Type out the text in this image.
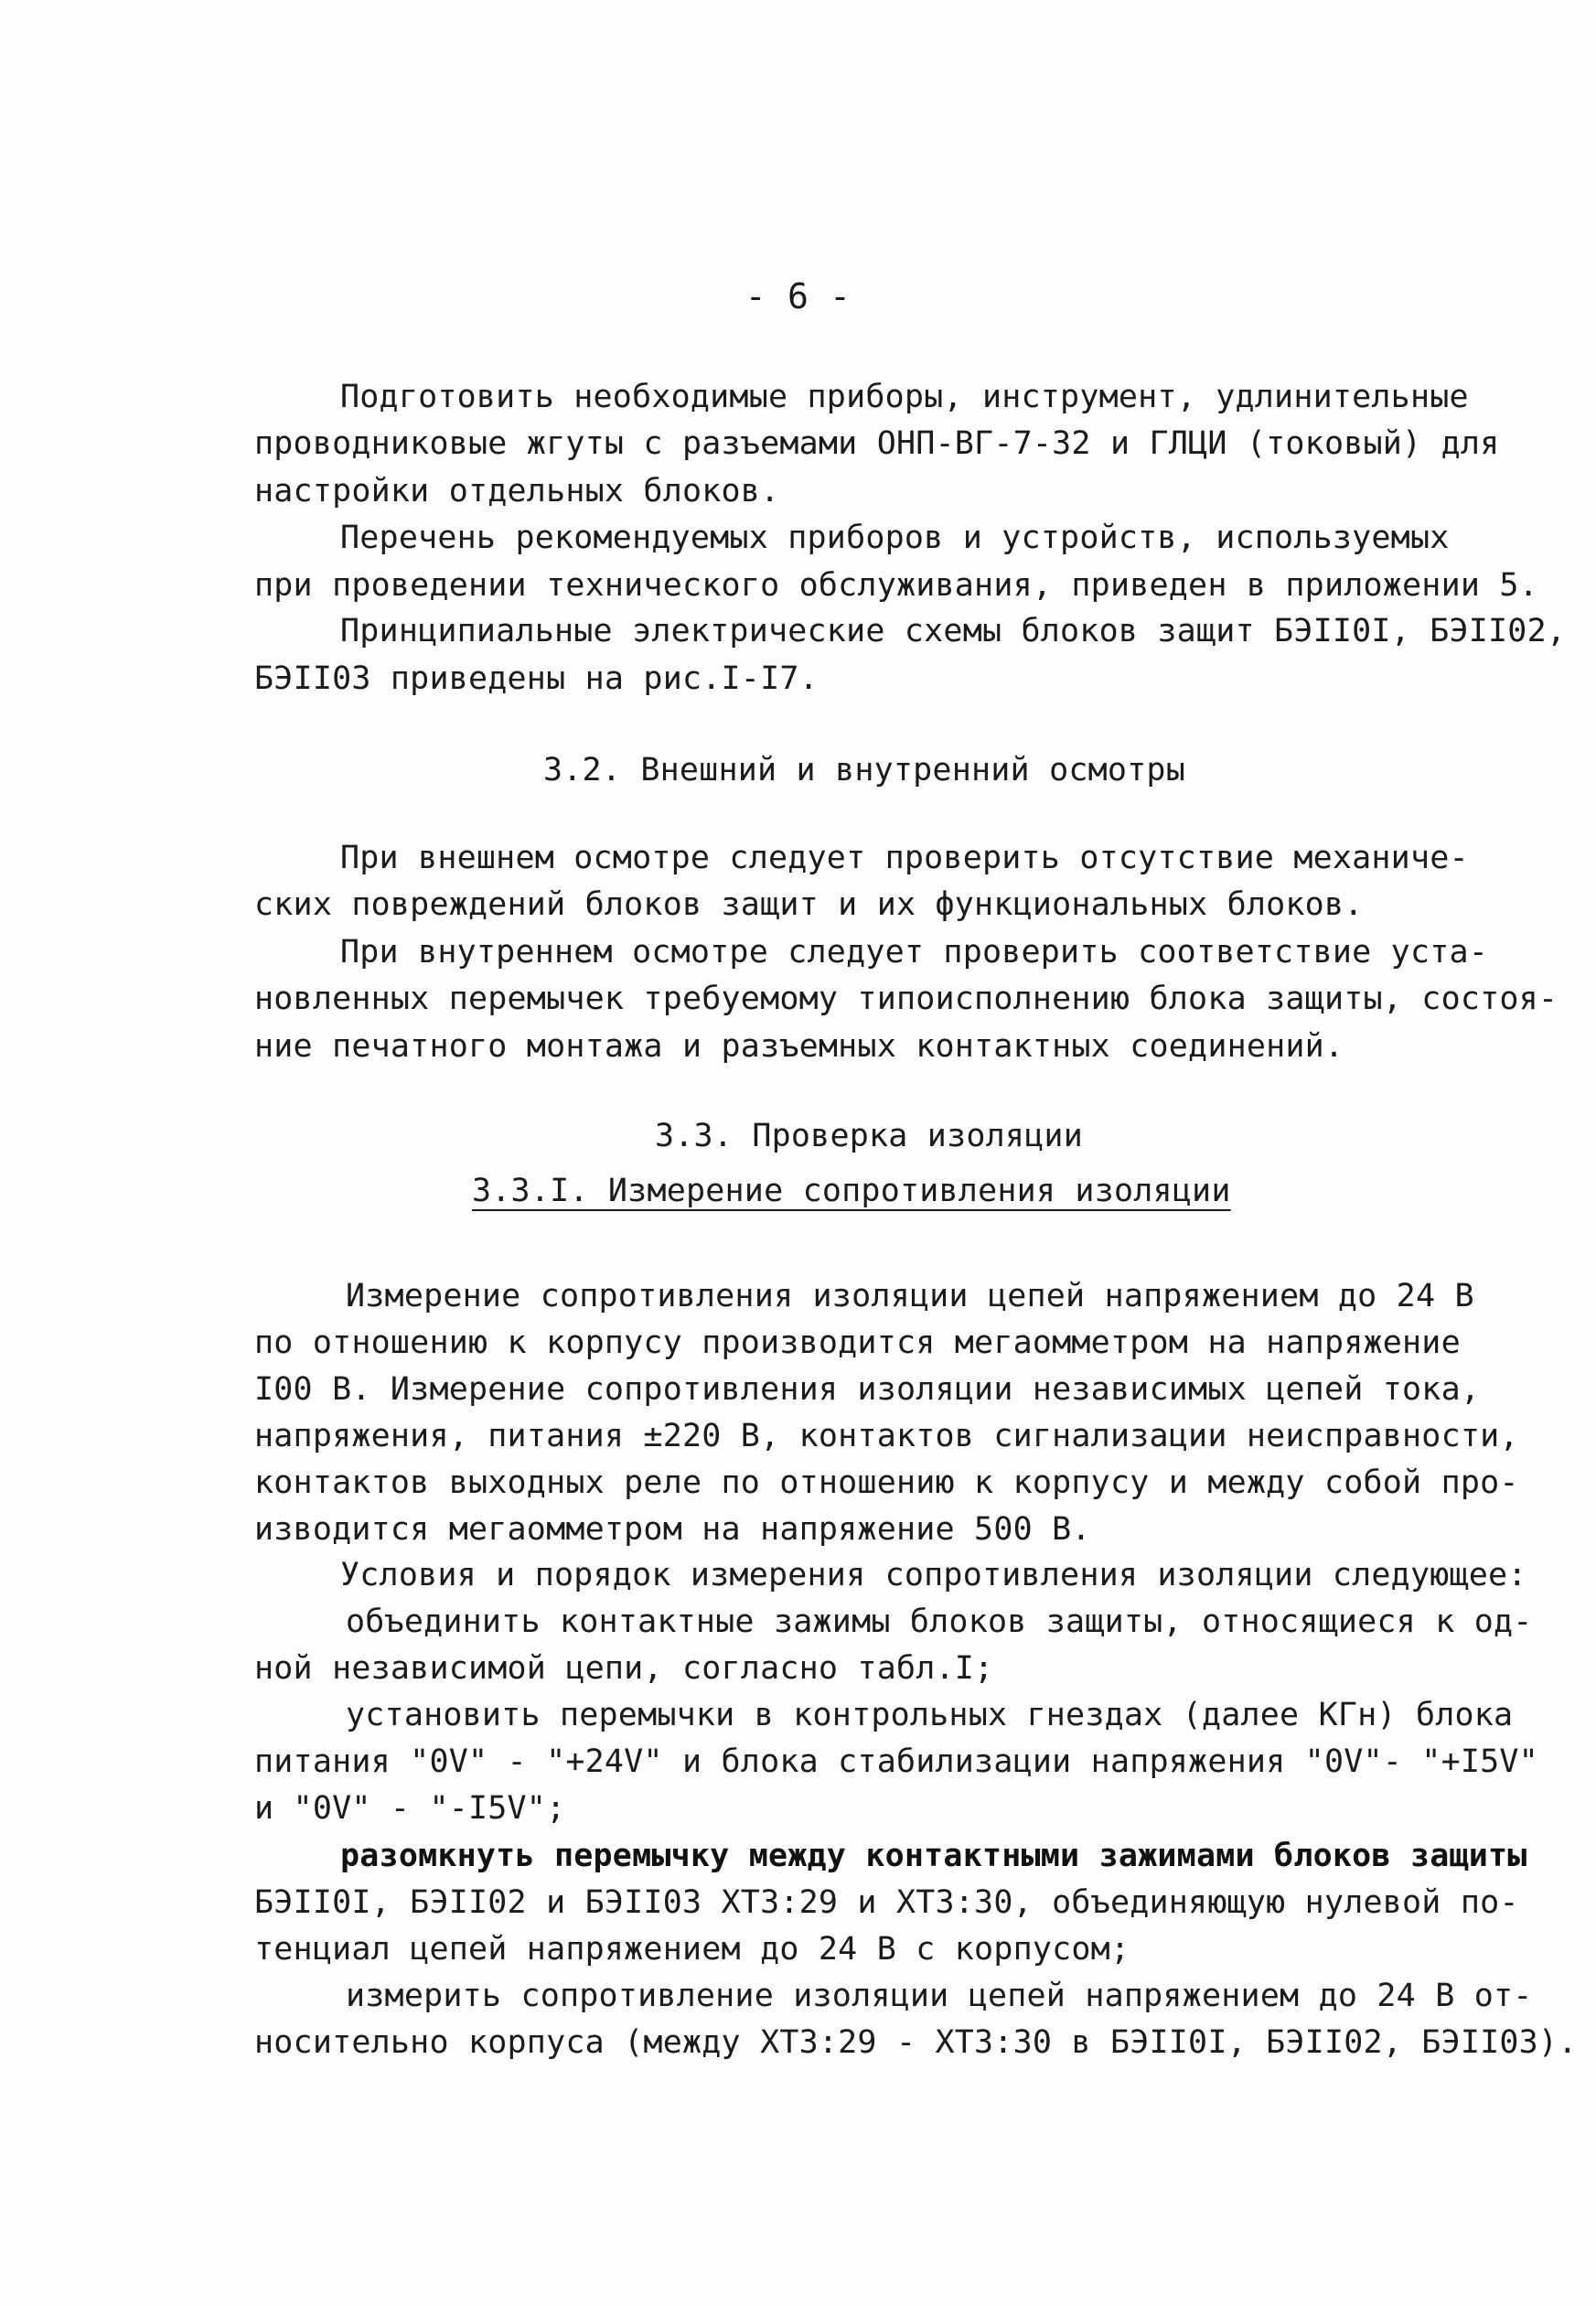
- 6 -

Подготовить необходимые приборы, инструмент, удлинительные

проводниковые жгуты с разъемами ОНП-ВГ-7-32 и ГЛЦИ (токовый) для

настройки отдельных блоков.

Перечень рекомендуемых приборов и устройств, используемых

при проведении технического обслуживания, приведен в приложении 5.

Принципиальные электрические схемы блоков защит БЭII0I, БЭII02,

БЭII03 приведены на рис.I-I7.

3.2. Внешний и внутренний осмотры

При внешнем осмотре следует проверить отсутствие механиче-

ских повреждений блоков защит и их функциональных блоков.

При внутреннем осмотре следует проверить соответствие уста-

новленных перемычек требуемому типоисполнению блока защиты, состоя-

ние печатного монтажа и разъемных контактных соединений.

3.3. Проверка изоляции

3.3.I. Измерение сопротивления изоляции

Измерение сопротивления изоляции цепей напряжением до 24 В

по отношению к корпусу производится мегаомметром на напряжение

I00 В. Измерение сопротивления изоляции независимых цепей тока,

напряжения, питания ±220 В, контактов сигнализации неисправности,

контактов выходных реле по отношению к корпусу и между собой про-

изводится мегаомметром на напряжение 500 В.

Условия и порядок измерения сопротивления изоляции следующее:

объединить контактные зажимы блоков защиты, относящиеся к од-

ной независимой цепи, согласно табл.I;

установить перемычки в контрольных гнездах (далее КГн) блока

питания "0V" - "+24V" и блока стабилизации напряжения "0V"- "+I5V"

и "0V" - "-I5V";

разомкнуть перемычку между контактными зажимами блоков защиты

БЭII0I, БЭII02 и БЭII03 ХТ3:29 и ХТ3:30, объединяющую нулевой по-

тенциал цепей напряжением до 24 В с корпусом;

измерить сопротивление изоляции цепей напряжением до 24 В от-

носительно корпуса (между ХТ3:29 - ХТ3:30 в БЭII0I, БЭII02, БЭII03).
